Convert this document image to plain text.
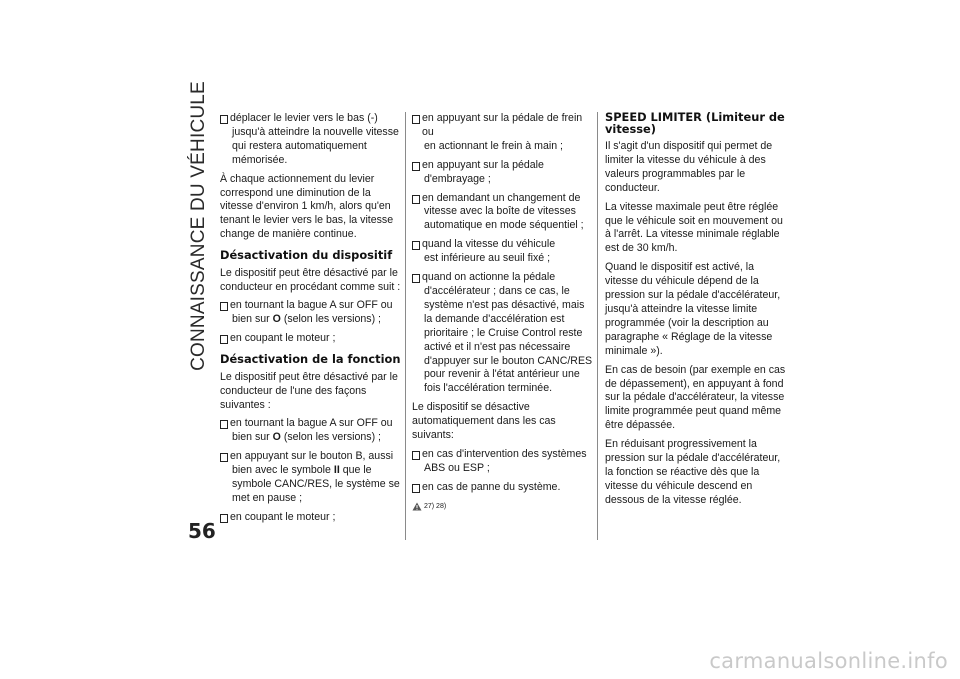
CONNAISSANCE DU VÉHICULE	déplacer le levier vers le bas (-)
jusqu'à atteindre la nouvelle vitesse qui restera automatiquement mémorisée.

À chaque actionnement du levier correspond une diminution de la vitesse d'environ 1 km/h, alors qu'en tenant le levier vers le bas, la vitesse change de manière continue.

Désactivation du dispositif

Le dispositif peut être désactivé par le conducteur en procédant comme suit :

en tournant la bague A sur OFF ou
bien sur O (selon les versions) ;
en coupant le moteur ;
Désactivation de la fonction

Le dispositif peut être désactivé par le conducteur de l'une des façons suivantes :

en tournant la bague A sur OFF ou
bien sur O (selon les versions) ;
en appuyant sur le bouton B, aussi
bien avec le symbole II que le symbole CANC/RES, le système se met en pause ;
en coupant le moteur ;
en appuyant sur la pédale de frein ou
en actionnant le frein à main ;
en appuyant sur la pédale
d'embrayage ;
en demandant un changement de
vitesse avec la boîte de vitesses automatique en mode séquentiel ;
quand la vitesse du véhicule
est inférieure au seuil fixé ;
quand on actionne la pédale
d'accélérateur ; dans ce cas, le système n'est pas désactivé, mais la demande d'accélération est prioritaire ; le Cruise Control reste activé et il n'est pas nécessaire d'appuyer sur le bouton CANC/RES pour revenir à l'état antérieur une fois l'accélération terminée.

Le dispositif se désactive automatiquement dans les cas suivants:

en cas d'intervention des systèmes
ABS ou ESP ;
en cas de panne du système.
27) 28)
SPEED LIMITER (Limiteur de vitesse)

Il s'agit d'un dispositif qui permet de limiter la vitesse du véhicule à des valeurs programmables par le conducteur.

La vitesse maximale peut être réglée que le véhicule soit en mouvement ou à l'arrêt. La vitesse minimale réglable est de 30 km/h.

Quand le dispositif est activé, la vitesse du véhicule dépend de la pression sur la pédale d'accélérateur, jusqu'à atteindre la vitesse limite programmée (voir la description au paragraphe « Réglage de la vitesse minimale »).

En cas de besoin (par exemple en cas de dépassement), en appuyant à fond sur la pédale d'accélérateur, la vitesse limite programmée peut quand même être dépassée.

En réduisant progressivement la pression sur la pédale d'accélérateur, la fonction se réactive dès que la vitesse du véhicule descend en dessous de la vitesse réglée.

56
carmanualsonline.info
